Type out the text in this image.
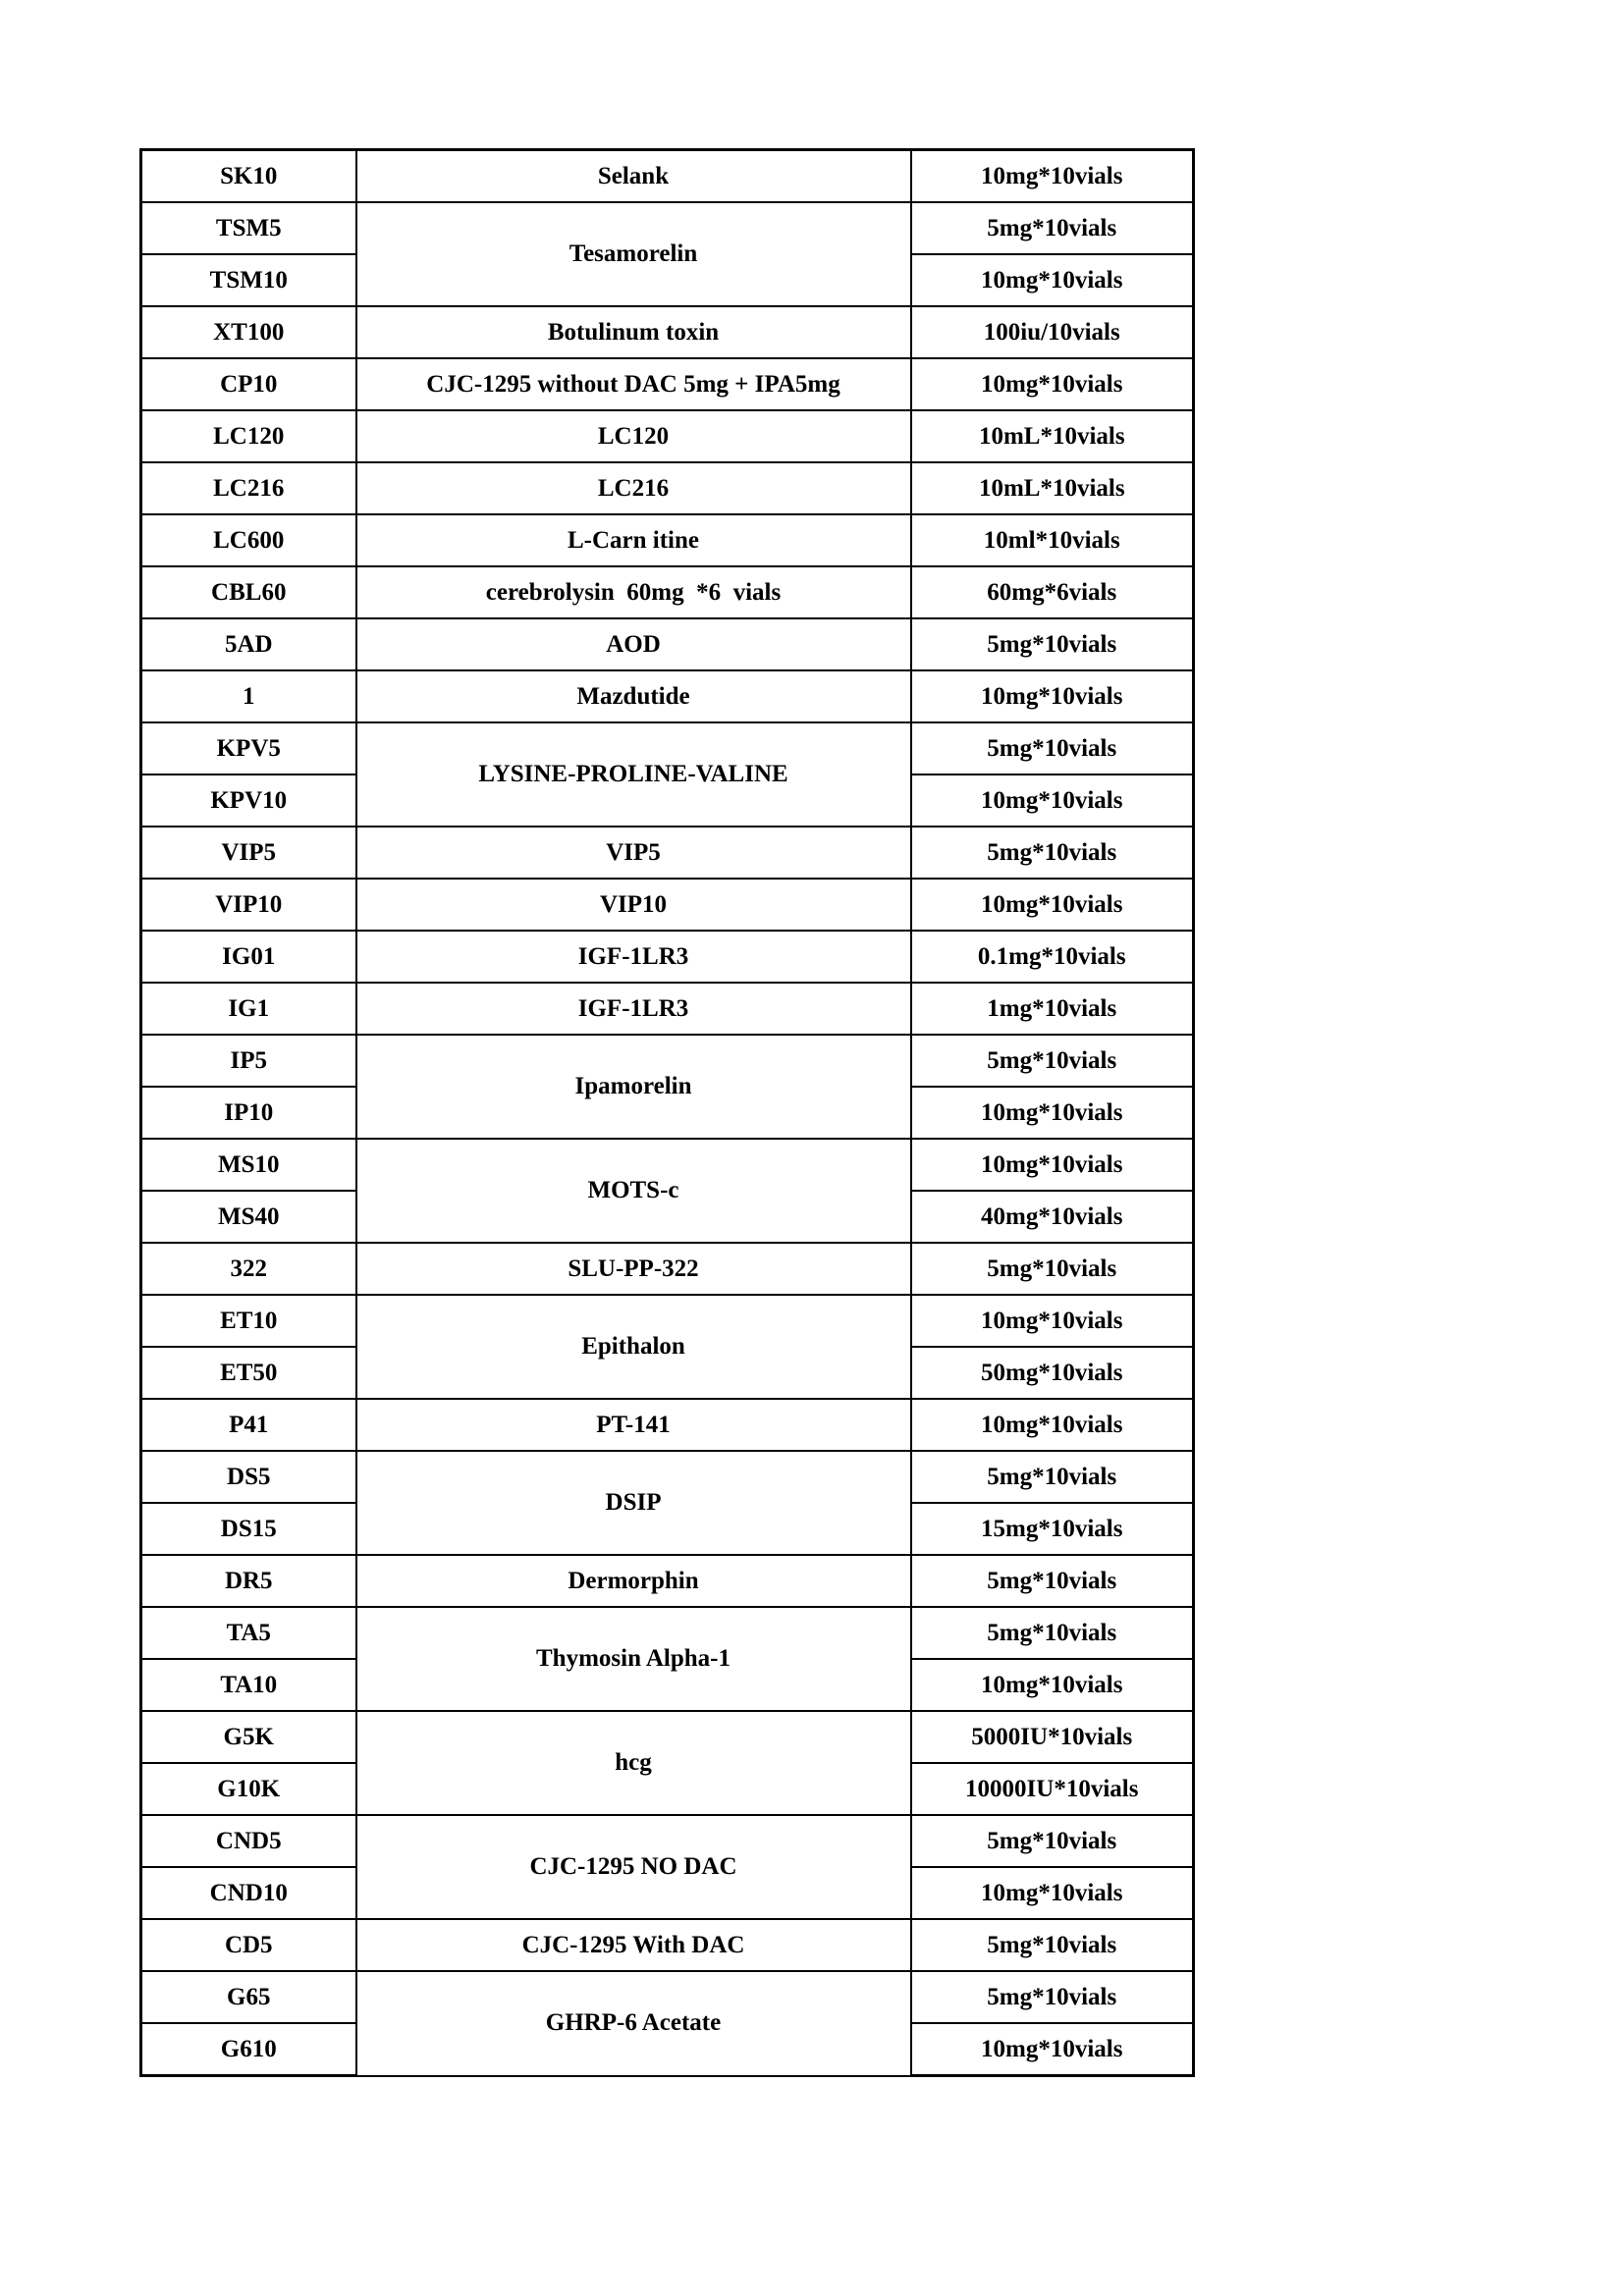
SK10	Selank	10mg*10vials
TSM5	Tesamorelin	5mg*10vials
TSM10		10mg*10vials
XT100	Botulinum toxin	100iu/10vials
CP10	CJC-1295 without DAC 5mg + IPA5mg	10mg*10vials
LC120	LC120	10mL*10vials
LC216	LC216	10mL*10vials
LC600	L-Carn itine	10ml*10vials
CBL60	cerebrolysin  60mg  *6  vials	60mg*6vials
5AD	AOD	5mg*10vials
1	Mazdutide	10mg*10vials
KPV5	LYSINE-PROLINE-VALINE	5mg*10vials
KPV10		10mg*10vials
VIP5	VIP5	5mg*10vials
VIP10	VIP10	10mg*10vials
IG01	IGF-1LR3	0.1mg*10vials
IG1	IGF-1LR3	1mg*10vials
IP5	Ipamorelin	5mg*10vials
IP10		10mg*10vials
MS10	MOTS-c	10mg*10vials
MS40		40mg*10vials
322	SLU-PP-322	5mg*10vials
ET10	Epithalon	10mg*10vials
ET50		50mg*10vials
P41	PT-141	10mg*10vials
DS5	DSIP	5mg*10vials
DS15		15mg*10vials
DR5	Dermorphin	5mg*10vials
TA5	Thymosin Alpha-1	5mg*10vials
TA10		10mg*10vials
G5K	hcg	5000IU*10vials
G10K		10000IU*10vials
CND5	CJC-1295 NO DAC	5mg*10vials
CND10		10mg*10vials
CD5	CJC-1295 With DAC	5mg*10vials
G65	GHRP-6 Acetate	5mg*10vials
G610		10mg*10vials
